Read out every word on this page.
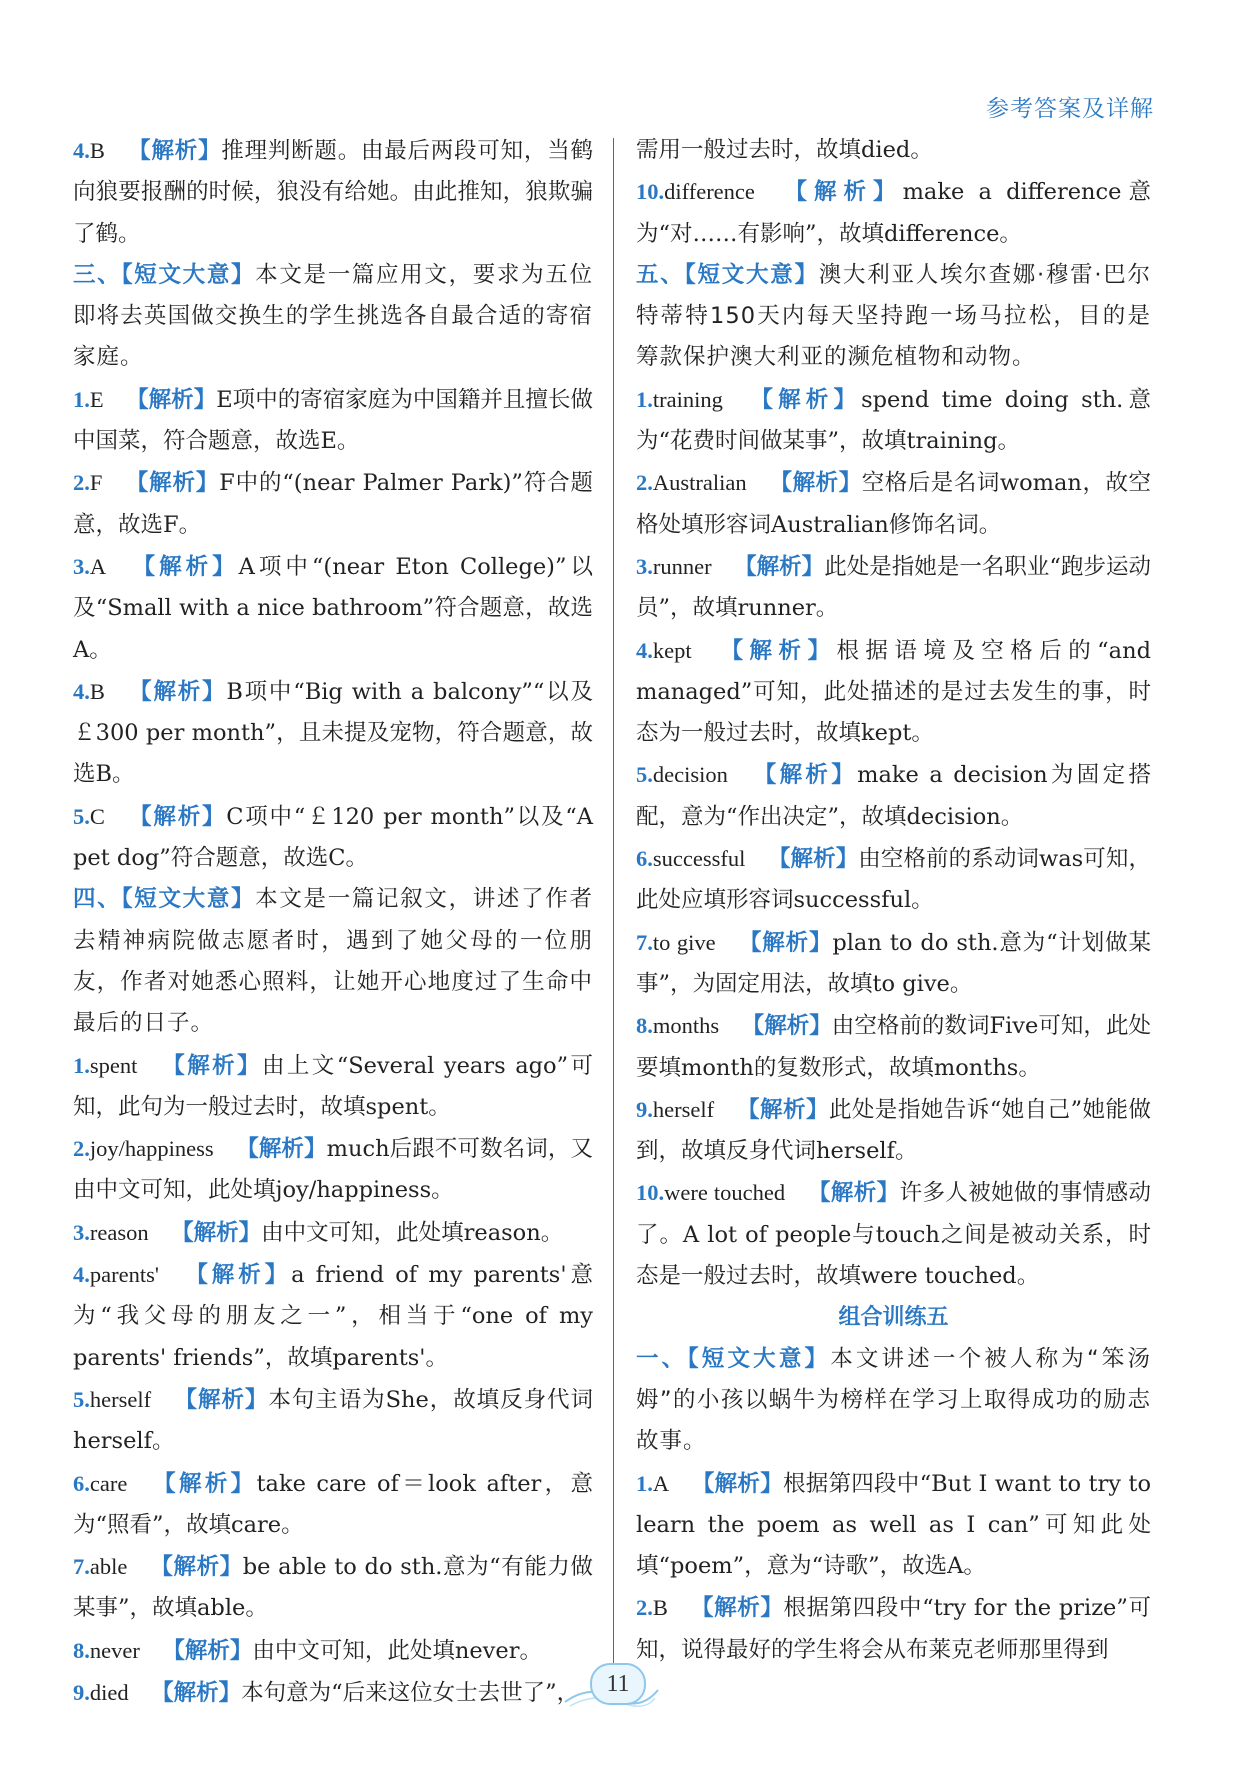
参考答案及详解
4.B  【解析】推理判断题。由最后两段可知，当鹤向狼要报酬的时候，狼没有给她。由此推知，狼欺骗了鹤。
三、【短文大意】本文是一篇应用文，要求为五位即将去英国做交换生的学生挑选各自最合适的寄宿家庭。
1.E  【解析】E项中的寄宿家庭为中国籍并且擅长做中国菜，符合题意，故选E。
2.F  【解析】F中的“(near Palmer Park)”符合题意，故选F。
3.A  【解析】A项中“(near Eton College)”以及“Small with a nice bathroom”符合题意，故选A。
4.B  【解析】B项中“Big with a balcony”“以及￡300 per month”，且未提及宠物，符合题意，故选B。
5.C  【解析】C项中“￡120 per month”以及“A pet dog”符合题意，故选C。
四、【短文大意】本文是一篇记叙文，讲述了作者去精神病院做志愿者时，遇到了她父母的一位朋友，作者对她悉心照料，让她开心地度过了生命中最后的日子。
1.spent  【解析】由上文“Several years ago”可知，此句为一般过去时，故填spent。
2.joy/happiness  【解析】much后跟不可数名词，又由中文可知，此处填joy/happiness。
3.reason  【解析】由中文可知，此处填reason。
4.parents'  【解析】a friend of my parents'意为“我父母的朋友之一”，相当于“one of my parents' friends”，故填parents'。
5.herself  【解析】本句主语为She，故填反身代词herself。
6.care  【解析】take care of＝look after，意为“照看”，故填care。
7.able  【解析】be able to do sth.意为“有能力做某事”，故填able。
8.never  【解析】由中文可知，此处填never。
9.died  【解析】本句意为“后来这位女士去世了”，
需用一般过去时，故填died。
10.difference  【解析】make a difference意为“对……有影响”，故填difference。
五、【短文大意】澳大利亚人埃尔查娜·穆雷·巴尔特蒂特150天内每天坚持跑一场马拉松，目的是筹款保护澳大利亚的濒危植物和动物。
1.training  【解析】spend time doing sth.意为“花费时间做某事”，故填training。
2.Australian  【解析】空格后是名词woman，故空格处填形容词Australian修饰名词。
3.runner  【解析】此处是指她是一名职业“跑步运动员”，故填runner。
4.kept  【解析】根据语境及空格后的“and managed”可知，此处描述的是过去发生的事，时态为一般过去时，故填kept。
5.decision  【解析】make a decision为固定搭配，意为“作出决定”，故填decision。
6.successful  【解析】由空格前的系动词was可知，此处应填形容词successful。
7.to give  【解析】plan to do sth.意为“计划做某事”，为固定用法，故填to give。
8.months  【解析】由空格前的数词Five可知，此处要填month的复数形式，故填months。
9.herself  【解析】此处是指她告诉“她自己”她能做到，故填反身代词herself。
10.were touched  【解析】许多人被她做的事情感动了。A lot of people与touch之间是被动关系，时态是一般过去时，故填were touched。
组合训练五
一、【短文大意】本文讲述一个被人称为“笨汤姆”的小孩以蜗牛为榜样在学习上取得成功的励志故事。
1.A  【解析】根据第四段中“But I want to try to learn the poem as well as I can”可知此处填“poem”，意为“诗歌”，故选A。
2.B  【解析】根据第四段中“try for the prize”可知，说得最好的学生将会从布莱克老师那里得到
11
